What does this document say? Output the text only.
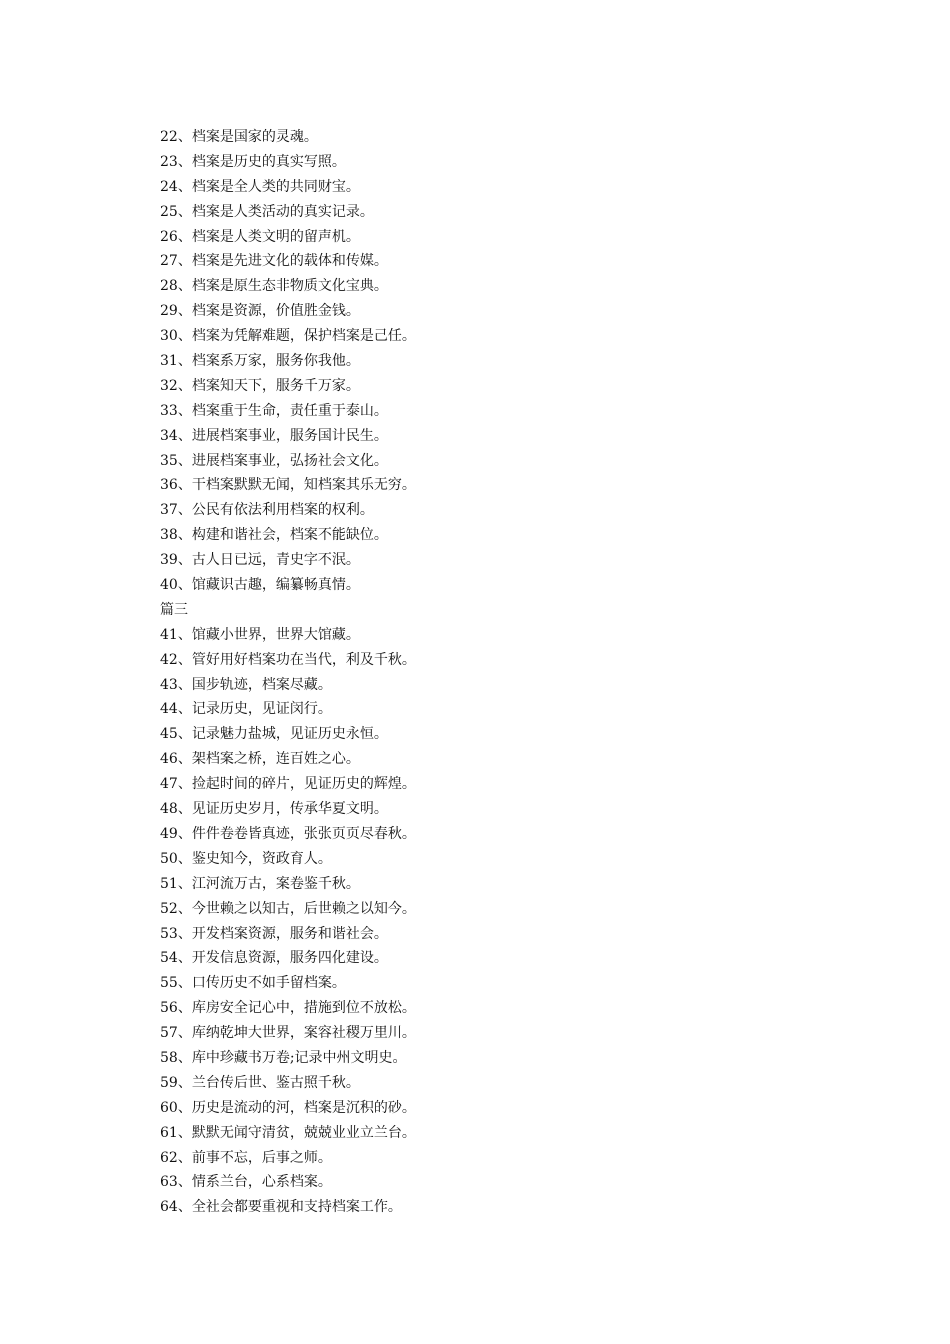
22、档案是国家的灵魂。
23、档案是历史的真实写照。
24、档案是全人类的共同财宝。
25、档案是人类活动的真实记录。
26、档案是人类文明的留声机。
27、档案是先进文化的载体和传媒。
28、档案是原生态非物质文化宝典。
29、档案是资源，价值胜金钱。
30、档案为凭解难题，保护档案是己任。
31、档案系万家，服务你我他。
32、档案知天下，服务千万家。
33、档案重于生命，责任重于泰山。
34、进展档案事业，服务国计民生。
35、进展档案事业，弘扬社会文化。
36、干档案默默无闻，知档案其乐无穷。
37、公民有依法利用档案的权利。
38、构建和谐社会，档案不能缺位。
39、古人日已远，青史字不泯。
40、馆藏识古趣，编纂畅真情。
篇三
41、馆藏小世界，世界大馆藏。
42、管好用好档案功在当代，利及千秋。
43、国步轨迹，档案尽藏。
44、记录历史，见证闵行。
45、记录魅力盐城，见证历史永恒。
46、架档案之桥，连百姓之心。
47、捡起时间的碎片，见证历史的辉煌。
48、见证历史岁月，传承华夏文明。
49、件件卷卷皆真迹，张张页页尽春秋。
50、鉴史知今，资政育人。
51、江河流万古，案卷鉴千秋。
52、今世赖之以知古，后世赖之以知今。
53、开发档案资源，服务和谐社会。
54、开发信息资源，服务四化建设。
55、口传历史不如手留档案。
56、库房安全记心中，措施到位不放松。
57、库纳乾坤大世界，案容社稷万里川。
58、库中珍藏书万卷;记录中州文明史。
59、兰台传后世、鉴古照千秋。
60、历史是流动的河，档案是沉积的砂。
61、默默无闻守清贫，兢兢业业立兰台。
62、前事不忘，后事之师。
63、情系兰台，心系档案。
64、全社会都要重视和支持档案工作。
